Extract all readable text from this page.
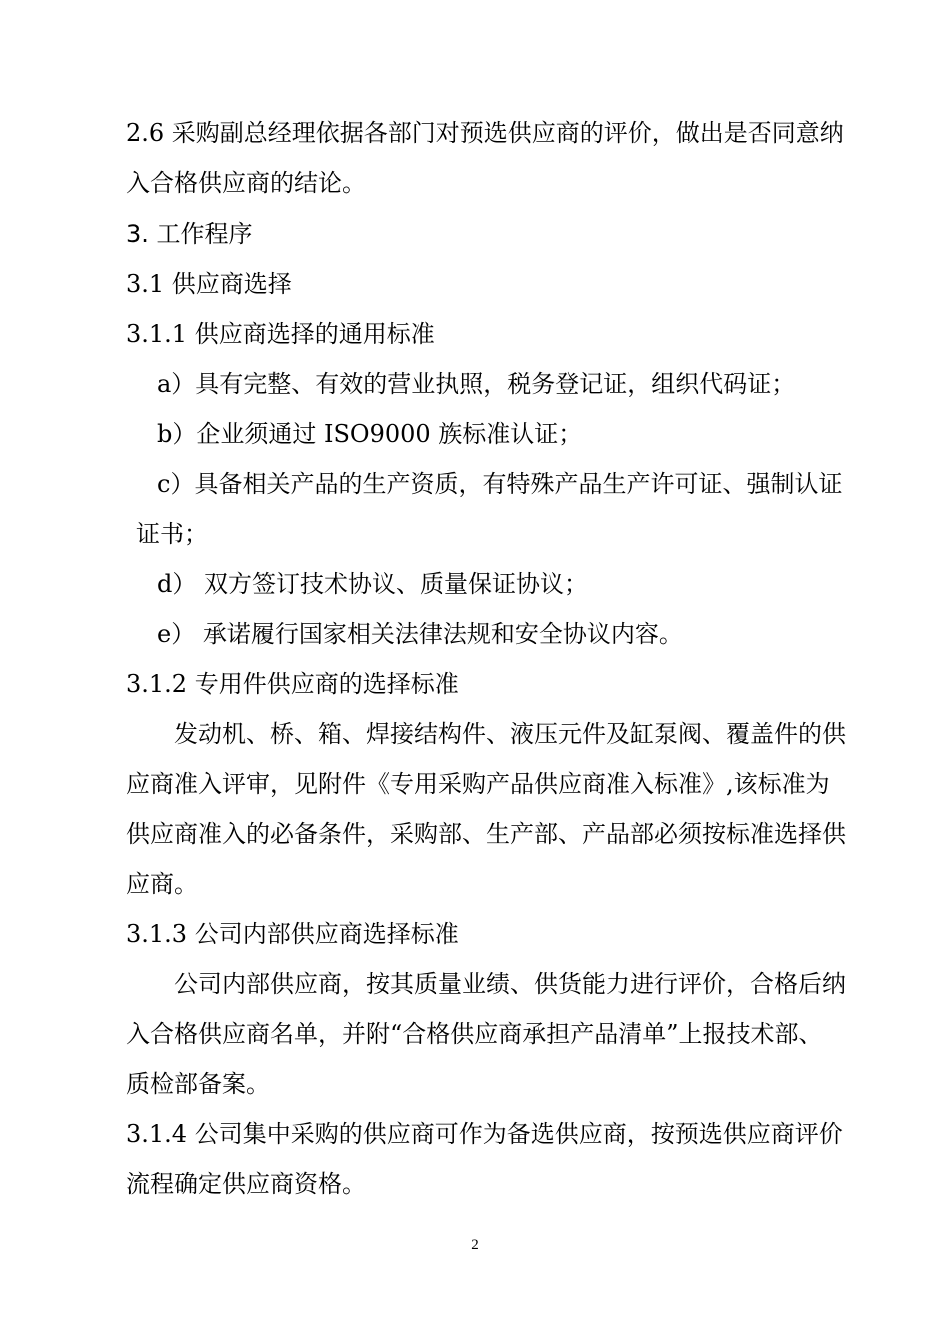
2.6 采购副总经理依据各部门对预选供应商的评价，做出是否同意纳

入合格供应商的结论。

3. 工作程序

3.1 供应商选择

3.1.1 供应商选择的通用标准

a）具有完整、有效的营业执照，税务登记证，组织代码证；

b）企业须通过 ISO9000 族标准认证；

c）具备相关产品的生产资质，有特殊产品生产许可证、强制认证

证书；

d） 双方签订技术协议、质量保证协议；

e） 承诺履行国家相关法律法规和安全协议内容。

3.1.2 专用件供应商的选择标准

发动机、桥、箱、焊接结构件、液压元件及缸泵阀、覆盖件的供

应商准入评审，见附件《专用采购产品供应商准入标准》,该标准为

供应商准入的必备条件，采购部、生产部、产品部必须按标准选择供

应商。

3.1.3 公司内部供应商选择标准

公司内部供应商，按其质量业绩、供货能力进行评价，合格后纳

入合格供应商名单，并附“合格供应商承担产品清单”上报技术部、

质检部备案。

3.1.4 公司集中采购的供应商可作为备选供应商，按预选供应商评价

流程确定供应商资格。

2
